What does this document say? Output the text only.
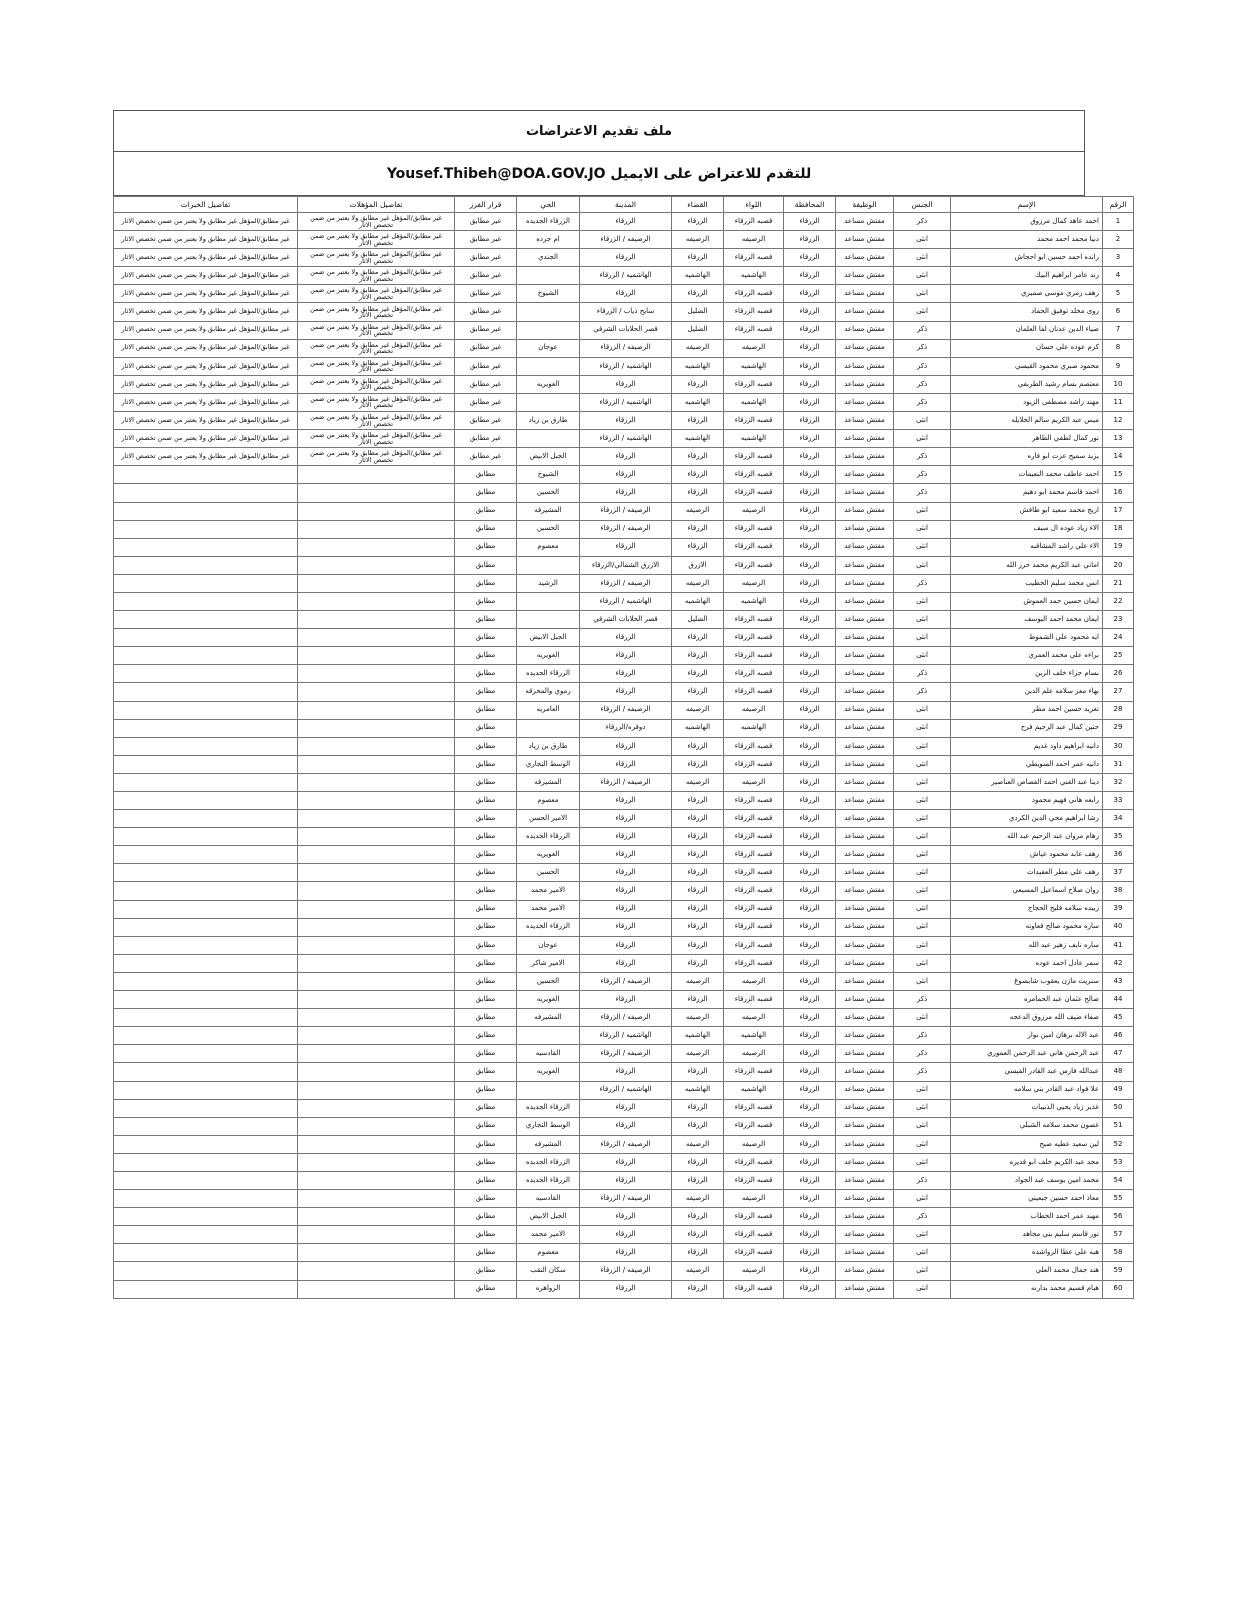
ملف تقديم الاعتراضات
للتقدم للاعتراض على الايميل Yousef.Thibeh@DOA.GOV.JO
الرقم	الإسم	الجنس	الوظيفة	المحافظة	اللواء	القضاء	المدينة	الحي	قرار الفرز	تفاصيل المؤهلات	تفاصيل الخبرات
1	احمد عاهد كمال مرزوق	ذكر	مفتش مساعد	الزرقاء	قصبه الزرقاء	الزرقاء	الزرقاء	الزرقاء الجديده	غير مطابق	غير مطابق/المؤهل غير مطابق ولا يعتبر من ضمن تخصص الاثار	غير مطابق/المؤهل غير مطابق ولا يعتبر من ضمن تخصص الاثار
2	دنيا محمد احمد محمد	انثى	مفتش مساعد	الزرقاء	الرصيفه	الرصيفه	الرصيفه / الزرقاء	ام جرده	غير مطابق	غير مطابق/المؤهل غير مطابق ولا يعتبر من ضمن تخصص الاثار	غير مطابق/المؤهل غير مطابق ولا يعتبر من ضمن تخصص الاثار
3	رانده احمد حسين ابو احجاش	انثى	مفتش مساعد	الزرقاء	قصبه الزرقاء	الزرقاء	الزرقاء	الجندي	غير مطابق	غير مطابق/المؤهل غير مطابق ولا يعتبر من ضمن تخصص الاثار	غير مطابق/المؤهل غير مطابق ولا يعتبر من ضمن تخصص الاثار
4	رند عامر ابراهيم البيك	انثى	مفتش مساعد	الزرقاء	الهاشميه	الهاشميه	الهاشميه / الزرقاء		غير مطابق	غير مطابق/المؤهل غير مطابق ولا يعتبر من ضمن تخصص الاثار	غير مطابق/المؤهل غير مطابق ولا يعتبر من ضمن تخصص الاثار
5	رهف رمزي موسى صميري	انثى	مفتش مساعد	الزرقاء	قصبه الزرقاء	الزرقاء	الزرقاء	الشيوخ	غير مطابق	غير مطابق/المؤهل غير مطابق ولا يعتبر من ضمن تخصص الاثار	غير مطابق/المؤهل غير مطابق ولا يعتبر من ضمن تخصص الاثار
6	روى مخلد توفيق الحماد	انثى	مفتش مساعد	الزرقاء	قصبه الزرقاء	الضليل	سايح ذياب / الزرقاء		غير مطابق	غير مطابق/المؤهل غير مطابق ولا يعتبر من ضمن تخصص الاثار	غير مطابق/المؤهل غير مطابق ولا يعتبر من ضمن تخصص الاثار
7	ضياء الدين عدنان لفا العلمان	ذكر	مفتش مساعد	الزرقاء	قصبه الزرقاء	الضليل	قصر الحلابات الشرقي		غير مطابق	غير مطابق/المؤهل غير مطابق ولا يعتبر من ضمن تخصص الاثار	غير مطابق/المؤهل غير مطابق ولا يعتبر من ضمن تخصص الاثار
8	كرم عوده علي حسان	ذكر	مفتش مساعد	الزرقاء	الرصيفه	الرصيفه	الرصيفه / الزرقاء	عوجان	غير مطابق	غير مطابق/المؤهل غير مطابق ولا يعتبر من ضمن تخصص الاثار	غير مطابق/المؤهل غير مطابق ولا يعتبر من ضمن تخصص الاثار
9	محمود صبري محمود القيسي	ذكر	مفتش مساعد	الزرقاء	الهاشميه	الهاشميه	الهاشميه / الزرقاء		غير مطابق	غير مطابق/المؤهل غير مطابق ولا يعتبر من ضمن تخصص الاثار	غير مطابق/المؤهل غير مطابق ولا يعتبر من ضمن تخصص الاثار
10	معتصم بسام رشيد الطريفي	ذكر	مفتش مساعد	الزرقاء	قصبه الزرقاء	الزرقاء	الزرقاء	الغويريه	غير مطابق	غير مطابق/المؤهل غير مطابق ولا يعتبر من ضمن تخصص الاثار	غير مطابق/المؤهل غير مطابق ولا يعتبر من ضمن تخصص الاثار
11	مهند راشد مصطفى الزيود	ذكر	مفتش مساعد	الزرقاء	الهاشميه	الهاشميه	الهاشميه / الزرقاء		غير مطابق	غير مطابق/المؤهل غير مطابق ولا يعتبر من ضمن تخصص الاثار	غير مطابق/المؤهل غير مطابق ولا يعتبر من ضمن تخصص الاثار
12	ميس عبد الكريم سالم الخلايله	انثى	مفتش مساعد	الزرقاء	قصبه الزرقاء	الزرقاء	الزرقاء	طارق بن زياد	غير مطابق	غير مطابق/المؤهل غير مطابق ولا يعتبر من ضمن تخصص الاثار	غير مطابق/المؤهل غير مطابق ولا يعتبر من ضمن تخصص الاثار
13	نور كمال لطفي الطاهر	انثى	مفتش مساعد	الزرقاء	الهاشميه	الهاشميه	الهاشميه / الزرقاء		غير مطابق	غير مطابق/المؤهل غير مطابق ولا يعتبر من ضمن تخصص الاثار	غير مطابق/المؤهل غير مطابق ولا يعتبر من ضمن تخصص الاثار
14	يزيد سميح عزت ابو فاره	ذكر	مفتش مساعد	الزرقاء	قصبه الزرقاء	الزرقاء	الزرقاء	الجبل الابيض	غير مطابق	غير مطابق/المؤهل غير مطابق ولا يعتبر من ضمن تخصص الاثار	غير مطابق/المؤهل غير مطابق ولا يعتبر من ضمن تخصص الاثار
15	احمد عاطف محمد النعيمات	ذكر	مفتش مساعد	الزرقاء	قصبه الزرقاء	الزرقاء	الزرقاء	الشيوخ	مطابق		
16	احمد قاسم محمد ابو دهيم	ذكر	مفتش مساعد	الزرقاء	قصبه الزرقاء	الزرقاء	الزرقاء	الحسين	مطابق		
17	اريج محمد سعيد ابو طافش	انثى	مفتش مساعد	الزرقاء	الرصيفه	الرصيفه	الرصيفه / الزرقاء	المشيرفه	مطابق		
18	الاء زياد عوده ال سيف	انثى	مفتش مساعد	الزرقاء	قصبه الزرقاء	الزرقاء	الرصيفه / الزرقاء	الحسين	مطابق		
19	الاء علي راشد المشاقبه	انثى	مفتش مساعد	الزرقاء	قصبه الزرقاء	الزرقاء	الزرقاء	معصوم	مطابق		
20	اماني عبد الكريم محمد حرز الله	انثى	مفتش مساعد	الزرقاء	قصبه الزرقاء	الازرق	الازرق الشمالي/الزرقاء		مطابق		
21	انس محمد سليم الخطيب	ذكر	مفتش مساعد	الزرقاء	الرصيفه	الرصيفه	الرصيفه / الزرقاء	الرشيد	مطابق		
22	ايمان حسين حمد العموش	انثى	مفتش مساعد	الزرقاء	الهاشميه	الهاشميه	الهاشميه / الزرقاء		مطابق		
23	ايمان محمد احمد اليوسف	انثى	مفتش مساعد	الزرقاء	قصبه الزرقاء	الضليل	قصر الحلابات الشرقي		مطابق		
24	ايه محمود علي الشموط	انثى	مفتش مساعد	الزرقاء	قصبه الزرقاء	الزرقاء	الزرقاء	الجبل الابيض	مطابق		
25	براءه علي محمد العمري	انثى	مفتش مساعد	الزرقاء	قصبه الزرقاء	الزرقاء	الزرقاء	الغويريه	مطابق		
26	بسام جزاء خلف الزبن	ذكر	مفتش مساعد	الزرقاء	قصبه الزرقاء	الزرقاء	الزرقاء	الزرقاء الجديده	مطابق		
27	بهاء معز سلامه علم الدين	ذكر	مفتش مساعد	الزرقاء	قصبه الزرقاء	الزرقاء	الزرقاء	رموي والمحرقه	مطابق		
28	تغريد حسين احمد مطر	انثى	مفتش مساعد	الزرقاء	الرصيفه	الرصيفه	الرصيفه / الزرقاء	العامريه	مطابق		
29	حنين كمال عبد الرحيم فرح	انثى	مفتش مساعد	الزرقاء	الهاشميه	الهاشميه	دوقره/الزرقاء		مطابق		
30	دانيه ابراهيم داود غديم	انثى	مفتش مساعد	الزرقاء	قصبه الزرقاء	الزرقاء	الزرقاء	طارق بن زياد	مطابق		
31	دانيه عمر احمد السويطي	انثى	مفتش مساعد	الزرقاء	قصبه الزرقاء	الزرقاء	الزرقاء	الوسط التجاري	مطابق		
32	دينا عبد الغني احمد القصاص العناصير	انثى	مفتش مساعد	الزرقاء	الرصيفه	الرصيفه	الرصيفه / الزرقاء	المشيرفه	مطابق		
33	رابعه هاني فهيم محمود	انثى	مفتش مساعد	الزرقاء	قصبه الزرقاء	الزرقاء	الزرقاء	معصوم	مطابق		
34	رشا ابراهيم محي الدين الكردي	انثى	مفتش مساعد	الزرقاء	قصبه الزرقاء	الزرقاء	الزرقاء	الامير الحسن	مطابق		
35	رهام مروان عبد الرحيم عبد الله	انثى	مفتش مساعد	الزرقاء	قصبه الزرقاء	الزرقاء	الزرقاء	الزرقاء الجديده	مطابق		
36	رهف عابد محمود عياش	انثى	مفتش مساعد	الزرقاء	قصبه الزرقاء	الزرقاء	الزرقاء	الغويريه	مطابق		
37	رهف علي مطر العقيدات	انثى	مفتش مساعد	الزرقاء	قصبه الزرقاء	الزرقاء	الزرقاء	الحسين	مطابق		
38	روان صلاح اسماعيل المسيعي	انثى	مفتش مساعد	الزرقاء	قصبه الزرقاء	الزرقاء	الزرقاء	الامير محمد	مطابق		
39	زبيده سلامه فليح الحجاج	انثى	مفتش مساعد	الزرقاء	قصبه الزرقاء	الزرقاء	الزرقاء	الامير محمد	مطابق		
40	ساره محمود صالح قعاونه	انثى	مفتش مساعد	الزرقاء	قصبه الزرقاء	الزرقاء	الزرقاء	الزرقاء الجديده	مطابق		
41	ساره نايف زهير عبد الله	انثى	مفتش مساعد	الزرقاء	قصبه الزرقاء	الزرقاء	الزرقاء	عوجان	مطابق		
42	سمر عادل احمد عوده	انثى	مفتش مساعد	الزرقاء	قصبه الزرقاء	الزرقاء	الزرقاء	الامير شاكر	مطابق		
43	سنريت مازن يعقوب شابسوغ	انثى	مفتش مساعد	الزرقاء	الرصيفه	الرصيفه	الرصيفه / الزرقاء	الحسين	مطابق		
44	صالح عثمان عبد الحمامره	ذكر	مفتش مساعد	الزرقاء	قصبه الزرقاء	الزرقاء	الزرقاء	الغويريه	مطابق		
45	صفاء ضيف الله مرزوق الدعجه	انثى	مفتش مساعد	الزرقاء	الرصيفه	الرصيفه	الرصيفه / الزرقاء	المشيرفه	مطابق		
46	عبد الاله برهان امين نوار	ذكر	مفتش مساعد	الزرقاء	الهاشميه	الهاشميه	الهاشميه / الزرقاء		مطابق		
47	عبد الرحمن هاني عبد الرحمن العموري	ذكر	مفتش مساعد	الزرقاء	الرصيفه	الرصيفه	الرصيفه / الزرقاء	القادسيه	مطابق		
48	عبدالله فارس عبد القادر القيسي	ذكر	مفتش مساعد	الزرقاء	قصبه الزرقاء	الزرقاء	الزرقاء	الغويريه	مطابق		
49	علا فواد عبد القادر بني سلامه	انثى	مفتش مساعد	الزرقاء	الهاشميه	الهاشميه	الهاشميه / الزرقاء		مطابق		
50	غدير زياد يحيى الذنيبات	انثى	مفتش مساعد	الزرقاء	قصبه الزرقاء	الزرقاء	الزرقاء	الزرقاء الجديده	مطابق		
51	غصون محمد سلامه الشبلي	انثى	مفتش مساعد	الزرقاء	قصبه الزرقاء	الزرقاء	الزرقاء	الوسط التجاري	مطابق		
52	لين سعيد عطيه صبح	انثى	مفتش مساعد	الزرقاء	الرصيفه	الرصيفه	الرصيفه / الزرقاء	المشيرفه	مطابق		
53	مجد عبد الكريم خلف ابو قديره	انثى	مفتش مساعد	الزرقاء	قصبه الزرقاء	الزرقاء	الزرقاء	الزرقاء الجديده	مطابق		
54	محمد امين يوسف عبد الجواد	ذكر	مفتش مساعد	الزرقاء	قصبه الزرقاء	الزرقاء	الزرقاء	الزرقاء الجديده	مطابق		
55	معاذ احمد حسين جبعيني	انثى	مفتش مساعد	الزرقاء	الرصيفه	الرصيفه	الرصيفه / الزرقاء	القادسيه	مطابق		
56	مهند عمر احمد الخطاب	ذكر	مفتش مساعد	الزرقاء	قصبه الزرقاء	الزرقاء	الزرقاء	الجبل الابيض	مطابق		
57	نور قاسم سليم بني مجاهد	انثى	مفتش مساعد	الزرقاء	قصبه الزرقاء	الزرقاء	الزرقاء	الامير محمد	مطابق		
58	هبه علي عطا الرواشده	انثى	مفتش مساعد	الزرقاء	قصبه الزرقاء	الزرقاء	الزرقاء	معصوم	مطابق		
59	هند جمال محمد العلي	انثى	مفتش مساعد	الزرقاء	الرصيفه	الرصيفه	الرصيفه / الزرقاء	سكان النقب	مطابق		
60	هيام قسيم محمد بدارنه	انثى	مفتش مساعد	الزرقاء	قصبه الزرقاء	الزرقاء	الزرقاء	الزواهره	مطابق		
